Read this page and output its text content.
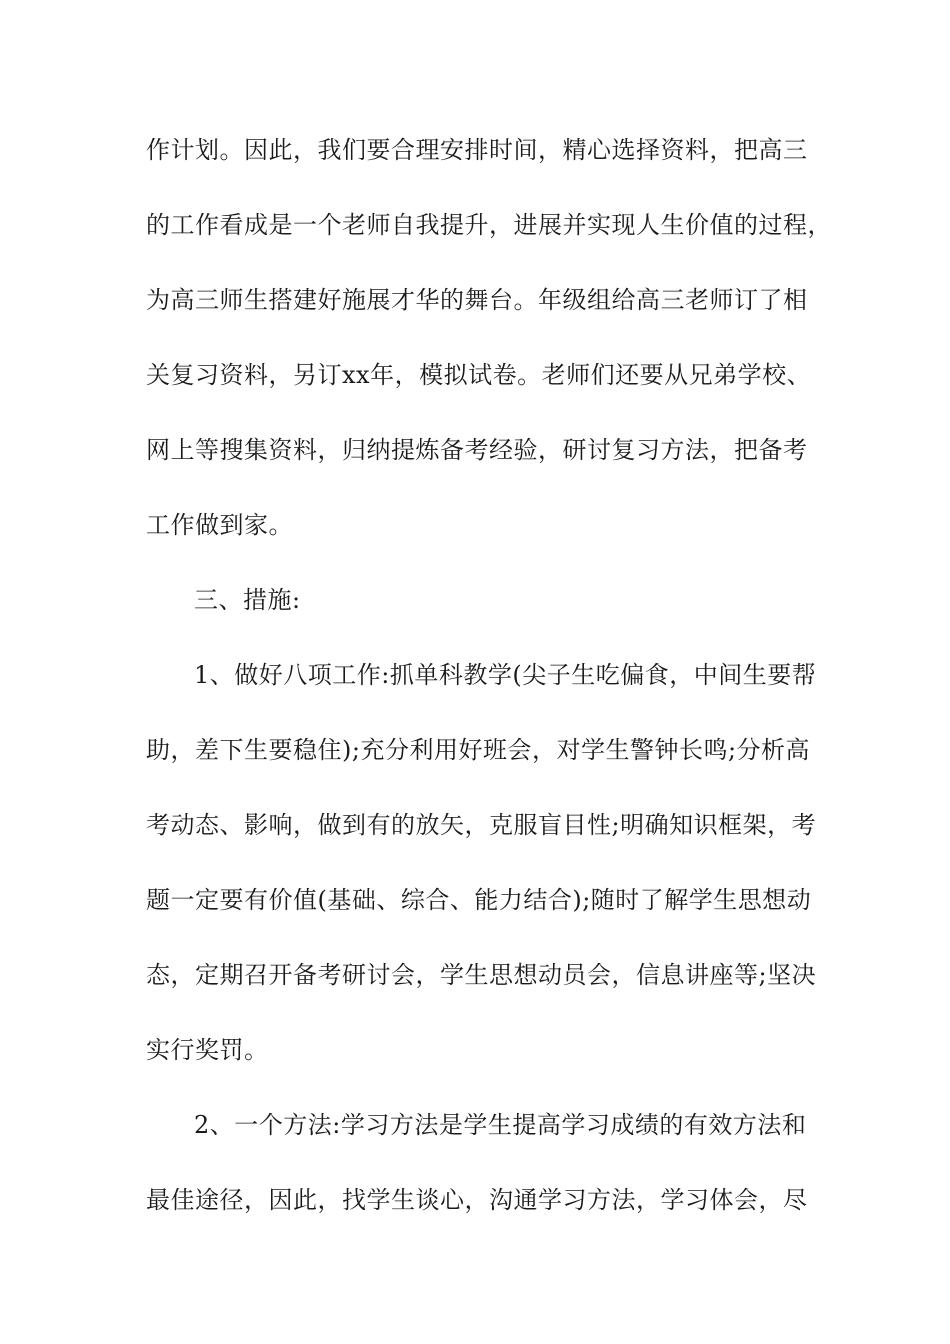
作计划。因此，我们要合理安排时间，精心选择资料，把高三
的工作看成是一个老师自我提升，进展并实现人生价值的过程，
为高三师生搭建好施展才华的舞台。年级组给高三老师订了相
关复习资料，另订xx年，模拟试卷。老师们还要从兄弟学校、
网上等搜集资料，归纳提炼备考经验，研讨复习方法，把备考
工作做到家。
三、措施:
1、做好八项工作:抓单科教学(尖子生吃偏食，中间生要帮
助，差下生要稳住);充分利用好班会，对学生警钟长鸣;分析高
考动态、影响，做到有的放矢，克服盲目性;明确知识框架，考
题一定要有价值(基础、综合、能力结合);随时了解学生思想动
态，定期召开备考研讨会，学生思想动员会，信息讲座等;坚决
实行奖罚。
2、一个方法:学习方法是学生提高学习成绩的有效方法和
最佳途径，因此，找学生谈心，沟通学习方法，学习体会，尽
